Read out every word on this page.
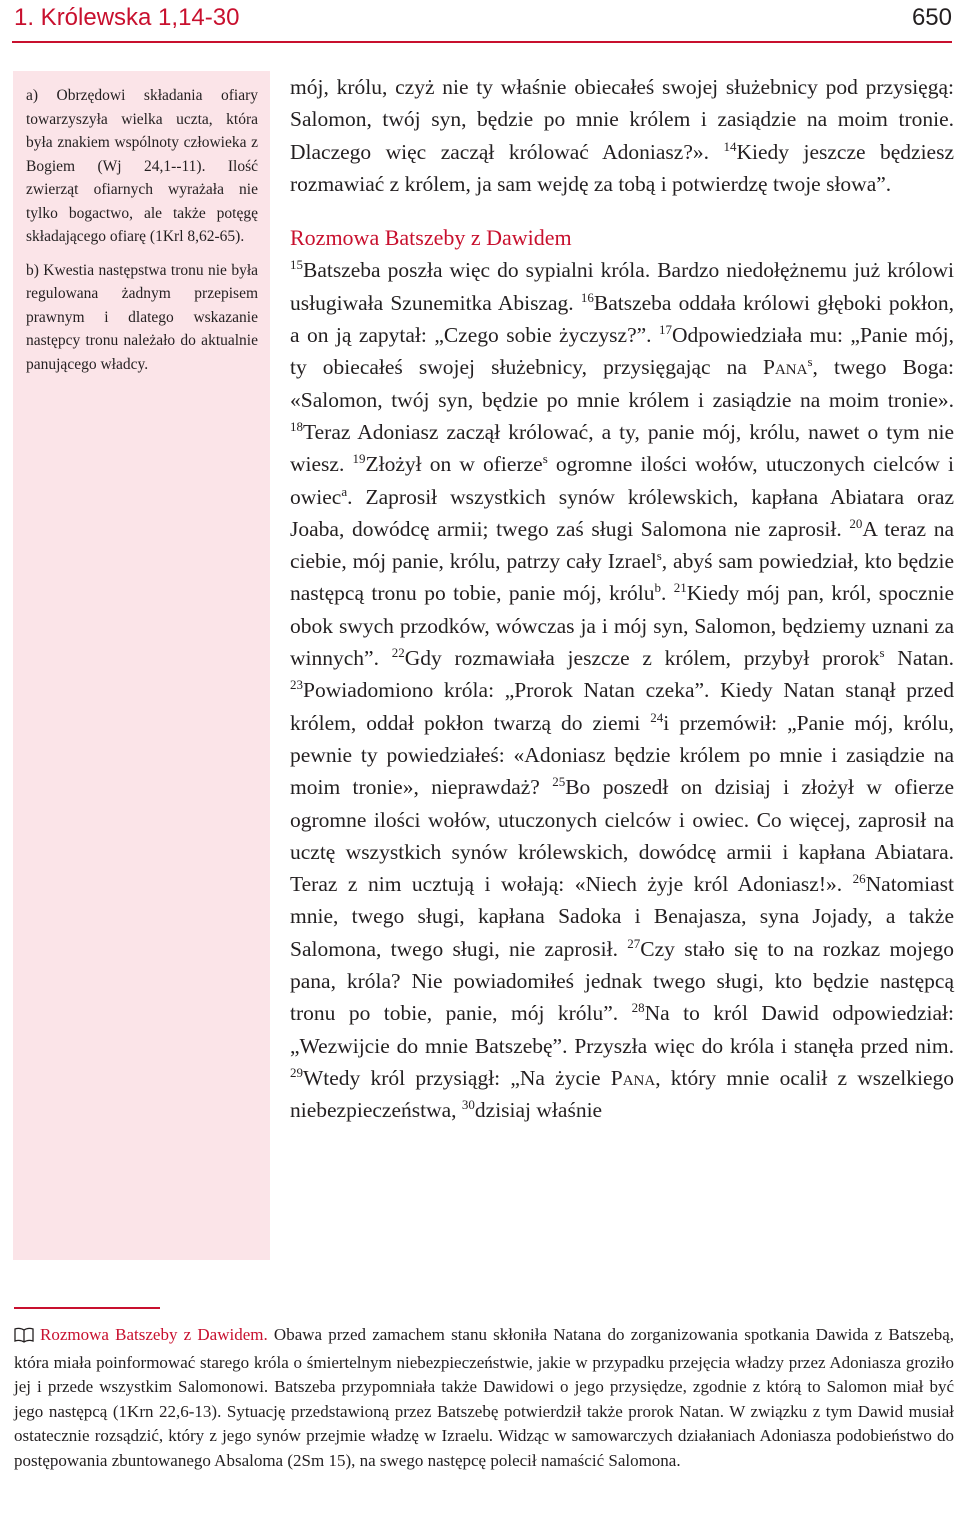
1. Królewska 1,14-30	650

a) Obrzędowi składania ofiary towarzyszyła wielka uczta, która była znakiem wspólnoty człowieka z Bogiem (Wj 24,1--11). Ilość zwierząt ofiarnych wyrażała nie tylko bogactwo, ale także potęgę składającego ofiarę (1Krl 8,62-65).

b) Kwestia następstwa tronu nie była regulowana żadnym przepisem prawnym i dlatego wskazanie następcy tronu należało do aktualnie panującego władcy.

mój, królu, czyż nie ty właśnie obiecałeś swojej służebnicy pod przysięgą: Salomon, twój syn, będzie po mnie królem i zasiądzie na moim tronie. Dlaczego więc zaczął królować Adoniasz?». $^{14}$Kiedy jeszcze będziesz rozmawiać z królem, ja sam wejdę za tobą i potwierdzę twoje słowa”.

Rozmowa Batszeby z Dawidem

$^{15}$Batszeba poszła więc do sypialni króla. Bardzo niedołężnemu już królowi usługiwała Szunemitka Abiszag. $^{16}$Batszeba oddała królowi głęboki pokłon, a on ją zapytał: „Czego sobie życzysz?”. $^{17}$Odpowiedziała mu: „Panie mój, ty obiecałeś swojej służebnicy, przysięgając na Pana$^s$, twego Boga: «Salomon, twój syn, będzie po mnie królem i zasiądzie na moim tronie». $^{18}$Teraz Adoniasz zaczął królować, a ty, panie mój, królu, nawet o tym nie wiesz. $^{19}$Złożył on w ofierze$^s$ ogromne ilości wołów, utuczonych cielców i owiec$^a$. Zaprosił wszystkich synów królewskich, kapłana Abiatara oraz Joaba, dowódcę armii; twego zaś sługi Salomona nie zaprosił. $^{20}$A teraz na ciebie, mój panie, królu, patrzy cały Izrael$^s$, abyś sam powiedział, kto będzie następcą tronu po tobie, panie mój, królu$^b$. $^{21}$Kiedy mój pan, król, spocznie obok swych przodków, wówczas ja i mój syn, Salomon, będziemy uznani za winnych”. $^{22}$Gdy rozmawiała jeszcze z królem, przybył prorok$^s$ Natan. $^{23}$Powiadomiono króla: „Prorok Natan czeka”. Kiedy Natan stanął przed królem, oddał pokłon twarzą do ziemi $^{24}$i przemówił: „Panie mój, królu, pewnie ty powiedziałeś: «Adoniasz będzie królem po mnie i zasiądzie na moim tronie», nieprawdaż? $^{25}$Bo poszedł on dzisiaj i złożył w ofierze ogromne ilości wołów, utuczonych cielców i owiec. Co więcej, zaprosił na ucztę wszystkich synów królewskich, dowódcę armii i kapłana Abiatara. Teraz z nim ucztują i wołają: «Niech żyje król Adoniasz!». $^{26}$Natomiast mnie, twego sługi, kapłana Sadoka i Benajasza, syna Jojady, a także Salomona, twego sługi, nie zaprosił. $^{27}$Czy stało się to na rozkaz mojego pana, króla? Nie powiadomiłeś jednak twego sługi, kto będzie następcą tronu po tobie, panie, mój królu”. $^{28}$Na to król Dawid odpowiedział: „Wezwijcie do mnie Batszebę”. Przyszła więc do króla i stanęła przed nim. $^{29}$Wtedy król przysiągł: „Na życie Pana, który mnie ocalił z wszelkiego niebezpieczeństwa, $^{30}$dzisiaj właśnie

Rozmowa Batszeby z Dawidem. Obawa przed zamachem stanu skłoniła Natana do zorganizowania spotkania Dawida z Batszebą, która miała poinformować starego króla o śmiertelnym niebezpieczeństwie, jakie w przypadku przejęcia władzy przez Adoniasza groziło jej i przede wszystkim Salomonowi. Batszeba przypomniała także Dawidowi o jego przysiędze, zgodnie z którą to Salomon miał być jego następcą (1Krn 22,6-13). Sytuację przedstawioną przez Batszebę potwierdził także prorok Natan. W związku z tym Dawid musiał ostatecznie rozsądzić, który z jego synów przejmie władzę w Izraelu. Widząc w samowarczych działaniach Adoniasza podobieństwo do postępowania zbuntowanego Absaloma (2Sm 15), na swego następcę polecił namaścić Salomona.
